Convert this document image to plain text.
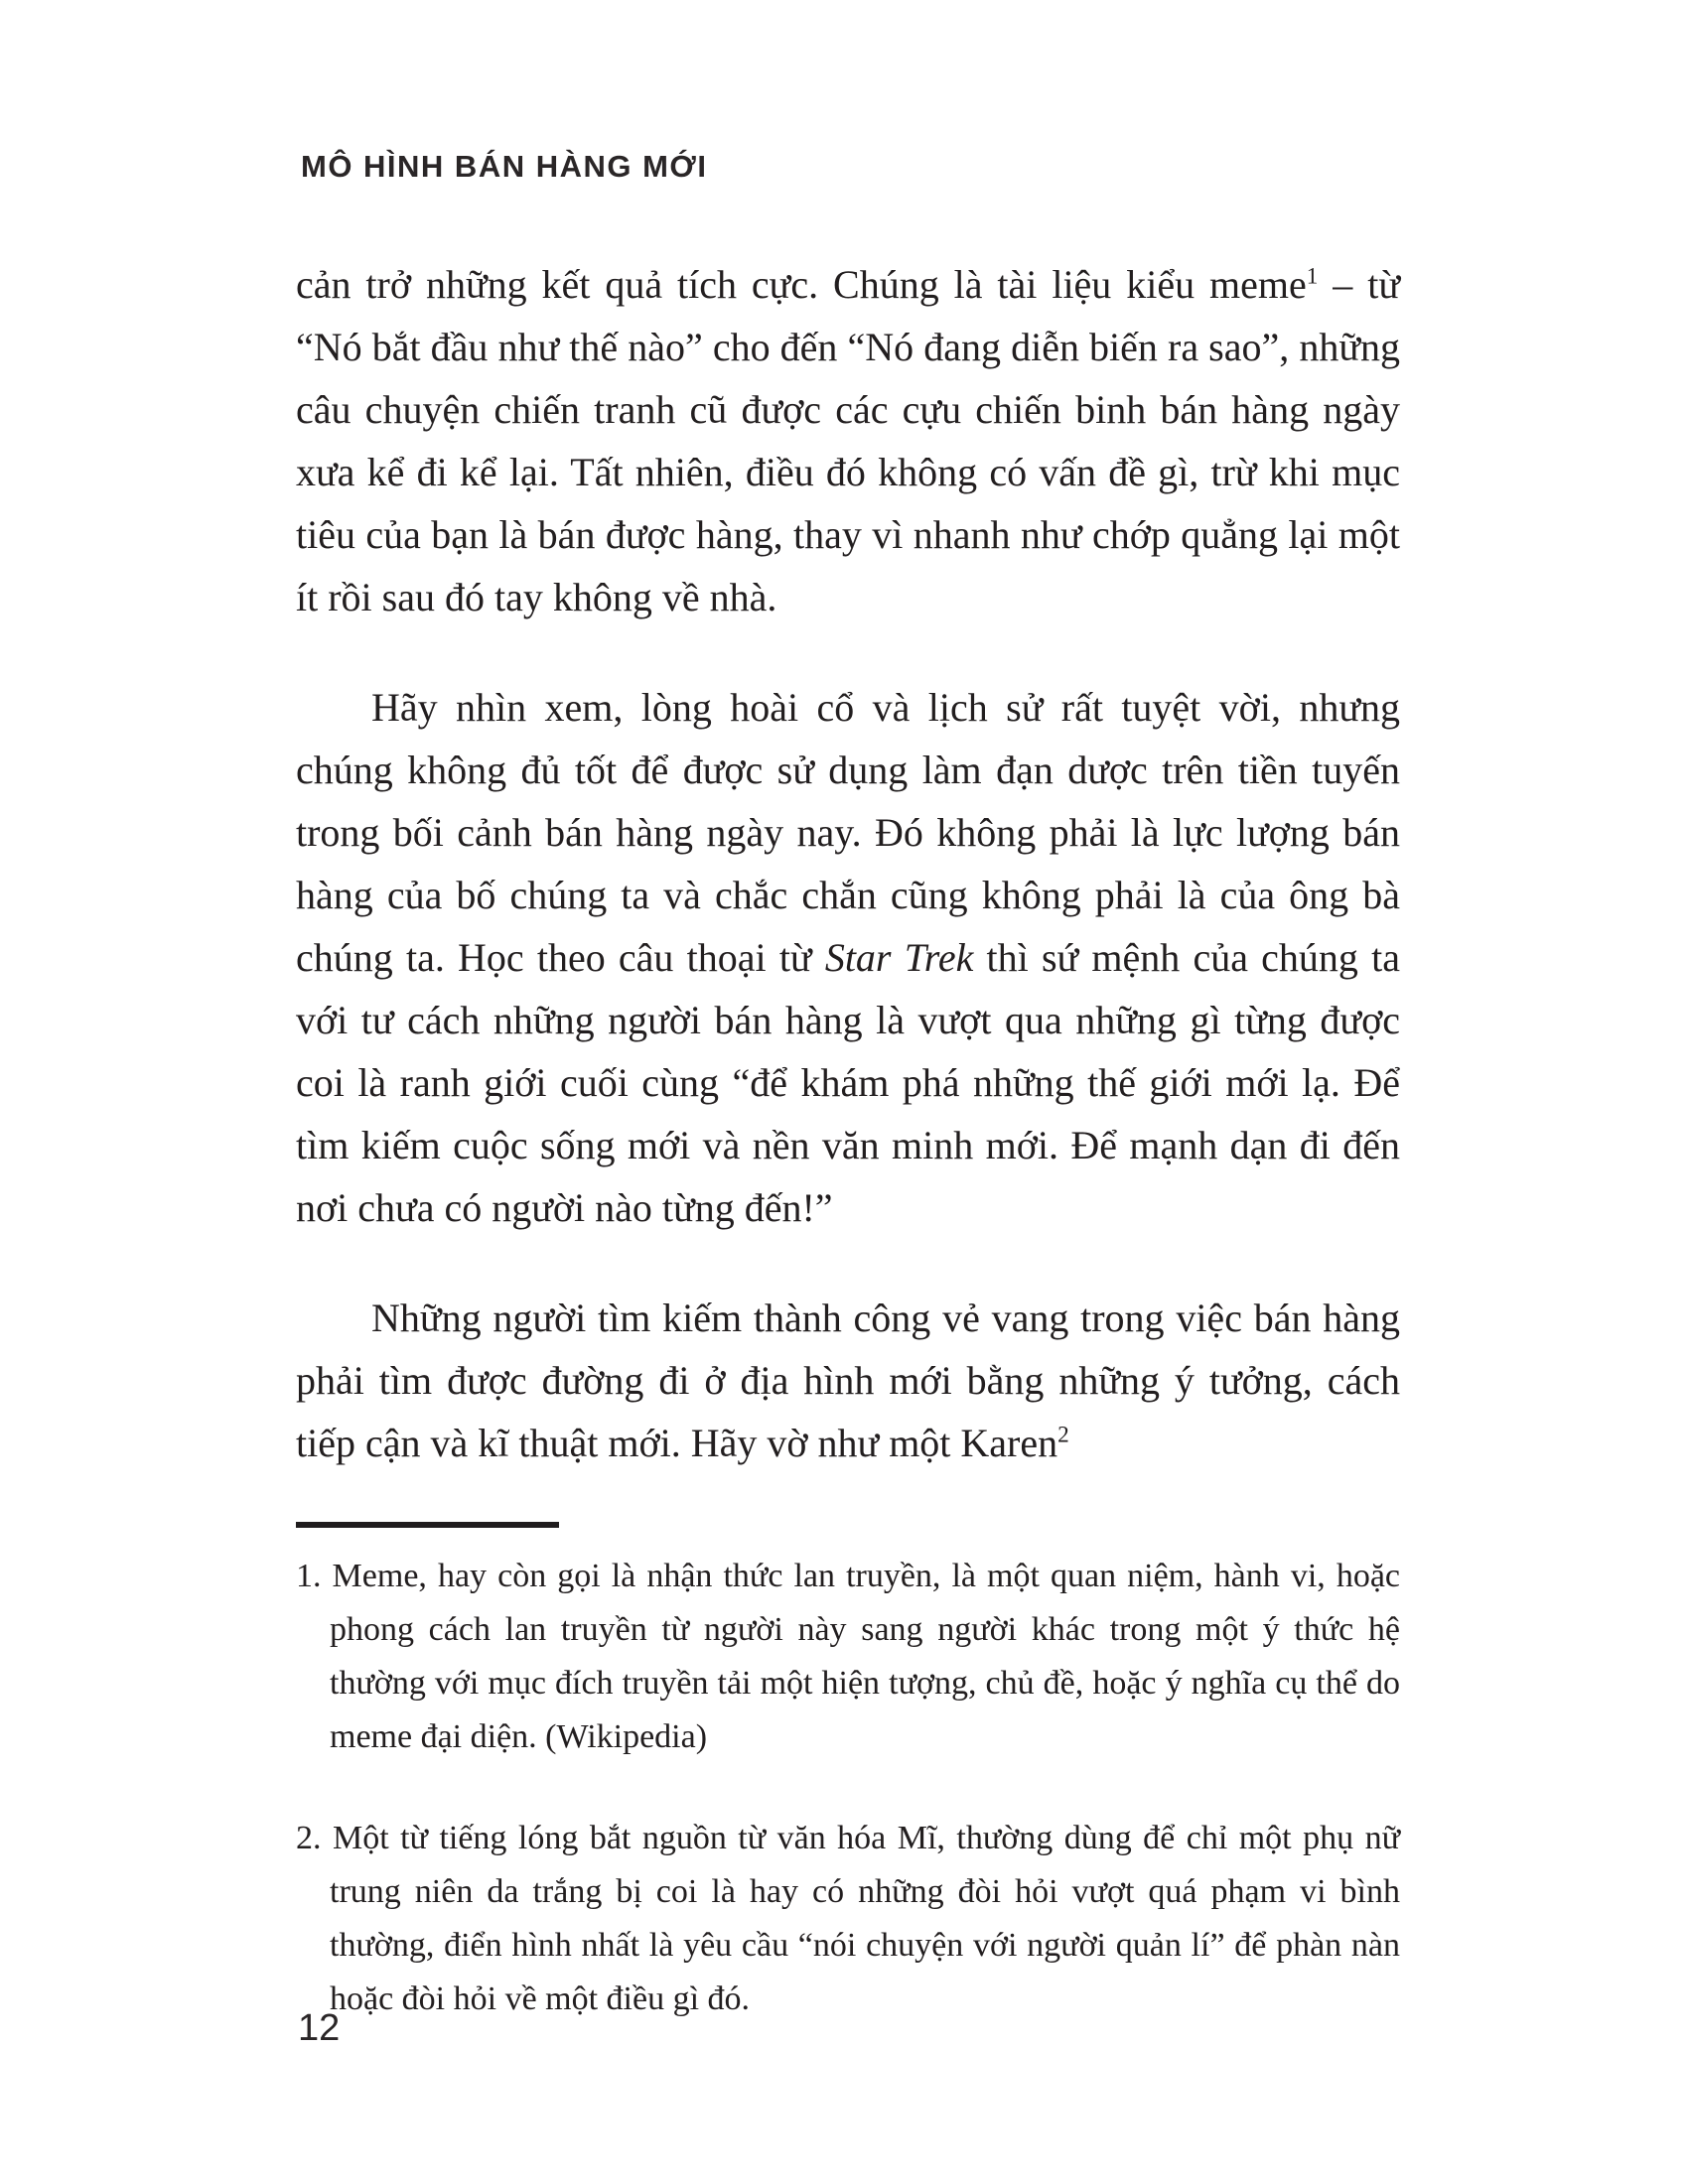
MÔ HÌNH BÁN HÀNG MỚI

cản trở những kết quả tích cực. Chúng là tài liệu kiểu meme$^1$ – từ “Nó bắt đầu như thế nào” cho đến “Nó đang diễn biến ra sao”, những câu chuyện chiến tranh cũ được các cựu chiến binh bán hàng ngày xưa kể đi kể lại. Tất nhiên, điều đó không có vấn đề gì, trừ khi mục tiêu của bạn là bán được hàng, thay vì nhanh như chớp quẳng lại một ít rồi sau đó tay không về nhà.

Hãy nhìn xem, lòng hoài cổ và lịch sử rất tuyệt vời, nhưng chúng không đủ tốt để được sử dụng làm đạn dược trên tiền tuyến trong bối cảnh bán hàng ngày nay. Đó không phải là lực lượng bán hàng của bố chúng ta và chắc chắn cũng không phải là của ông bà chúng ta. Học theo câu thoại từ Star Trek thì sứ mệnh của chúng ta với tư cách những người bán hàng là vượt qua những gì từng được coi là ranh giới cuối cùng “để khám phá những thế giới mới lạ. Để tìm kiếm cuộc sống mới và nền văn minh mới. Để mạnh dạn đi đến nơi chưa có người nào từng đến!”

Những người tìm kiếm thành công vẻ vang trong việc bán hàng phải tìm được đường đi ở địa hình mới bằng những ý tưởng, cách tiếp cận và kĩ thuật mới. Hãy vờ như một Karen$^2$

1. Meme, hay còn gọi là nhận thức lan truyền, là một quan niệm, hành vi, hoặc phong cách lan truyền từ người này sang người khác trong một ý thức hệ thường với mục đích truyền tải một hiện tượng, chủ đề, hoặc ý nghĩa cụ thể do meme đại diện. (Wikipedia)

2. Một từ tiếng lóng bắt nguồn từ văn hóa Mĩ, thường dùng để chỉ một phụ nữ trung niên da trắng bị coi là hay có những đòi hỏi vượt quá phạm vi bình thường, điển hình nhất là yêu cầu “nói chuyện với người quản lí” để phàn nàn hoặc đòi hỏi về một điều gì đó.

12
